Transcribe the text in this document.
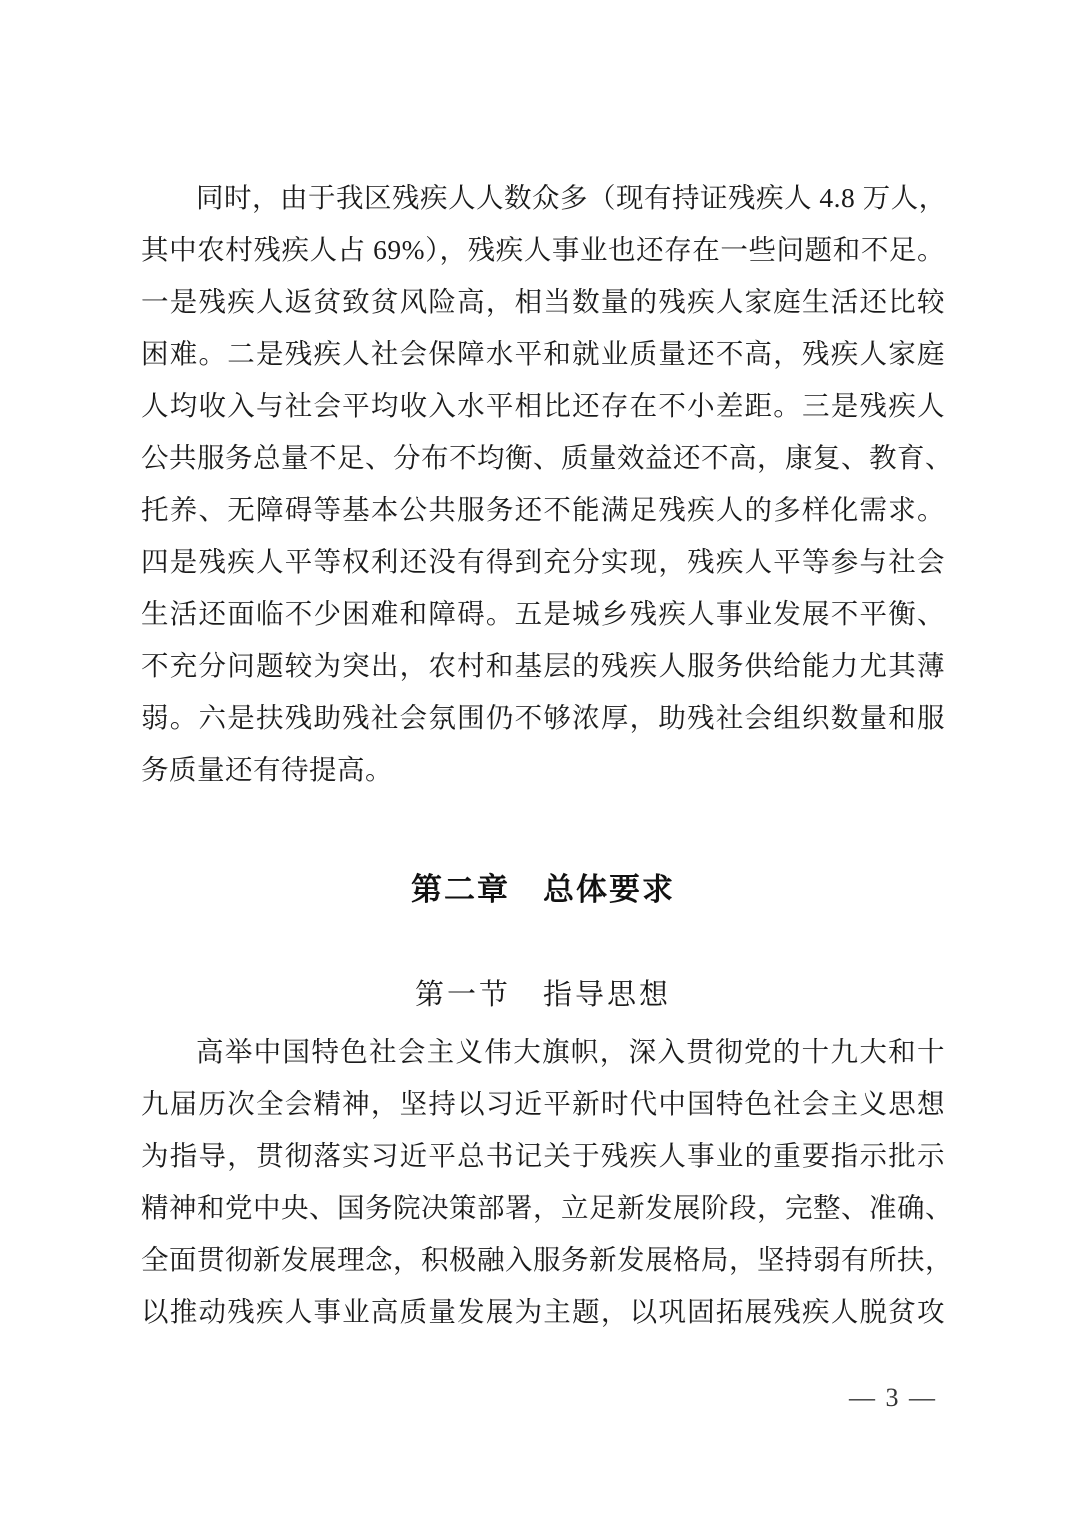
同时，由于我区残疾人人数众多（现有持证残疾人 4.8 万人，
其中农村残疾人占 69%），残疾人事业也还存在一些问题和不足。
一是残疾人返贫致贫风险高，相当数量的残疾人家庭生活还比较
困难。二是残疾人社会保障水平和就业质量还不高，残疾人家庭
人均收入与社会平均收入水平相比还存在不小差距。三是残疾人
公共服务总量不足、分布不均衡、质量效益还不高，康复、教育、
托养、无障碍等基本公共服务还不能满足残疾人的多样化需求。
四是残疾人平等权利还没有得到充分实现，残疾人平等参与社会
生活还面临不少困难和障碍。五是城乡残疾人事业发展不平衡、
不充分问题较为突出，农村和基层的残疾人服务供给能力尤其薄
弱。六是扶残助残社会氛围仍不够浓厚，助残社会组织数量和服
务质量还有待提高。
第二章　总体要求
第一节　指导思想
高举中国特色社会主义伟大旗帜，深入贯彻党的十九大和十
九届历次全会精神，坚持以习近平新时代中国特色社会主义思想
为指导，贯彻落实习近平总书记关于残疾人事业的重要指示批示
精神和党中央、国务院决策部署，立足新发展阶段，完整、准确、
全面贯彻新发展理念，积极融入服务新发展格局，坚持弱有所扶，
以推动残疾人事业高质量发展为主题，以巩固拓展残疾人脱贫攻
— 3 —
